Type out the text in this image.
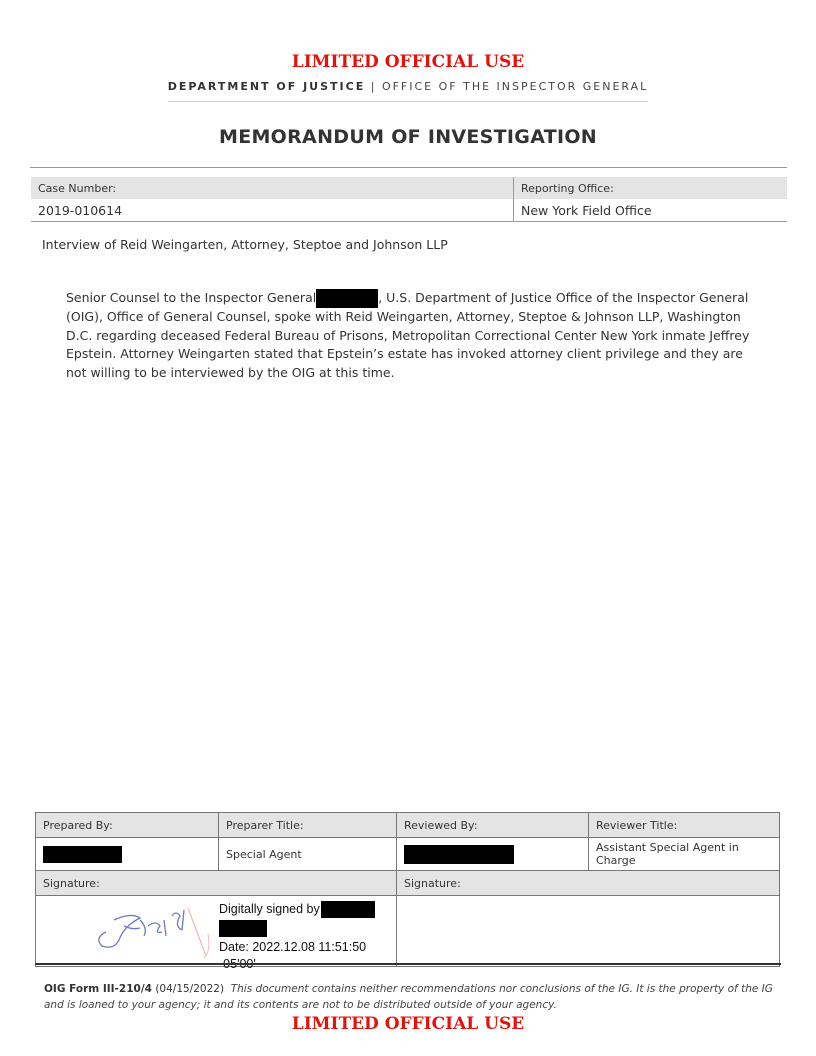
LIMITED OFFICIAL USE
DEPARTMENT OF JUSTICE | OFFICE OF THE INSPECTOR GENERAL
MEMORANDUM OF INVESTIGATION
Case Number:	Reporting Office:
2019-010614	New York Field Office
Interview of Reid Weingarten, Attorney, Steptoe and Johnson LLP
Senior Counsel to the Inspector General	, U.S. Department of Justice Office of the Inspector General (OIG), Office of General Counsel, spoke with Reid Weingarten, Attorney, Steptoe & Johnson LLP, Washington D.C. regarding deceased Federal Bureau of Prisons, Metropolitan Correctional Center New York inmate Jeffrey Epstein. Attorney Weingarten stated that Epstein’s estate has invoked attorney client privilege and they are not willing to be interviewed by the OIG at this time.
Prepared By:	Preparer Title:	Reviewed By:	Reviewer Title:
	Special Agent		Assistant Special Agent in Charge
Signature:		Signature:	

Digitally signed by
Date: 2022.12.08 11:51:50			

OIG Form III-210/4 (04/15/2022) This document contains neither recommendations nor conclusions of the IG. It is the property of the IG and is loaned to your agency; it and its contents are not to be distributed outside of your agency.
LIMITED OFFICIAL USE
